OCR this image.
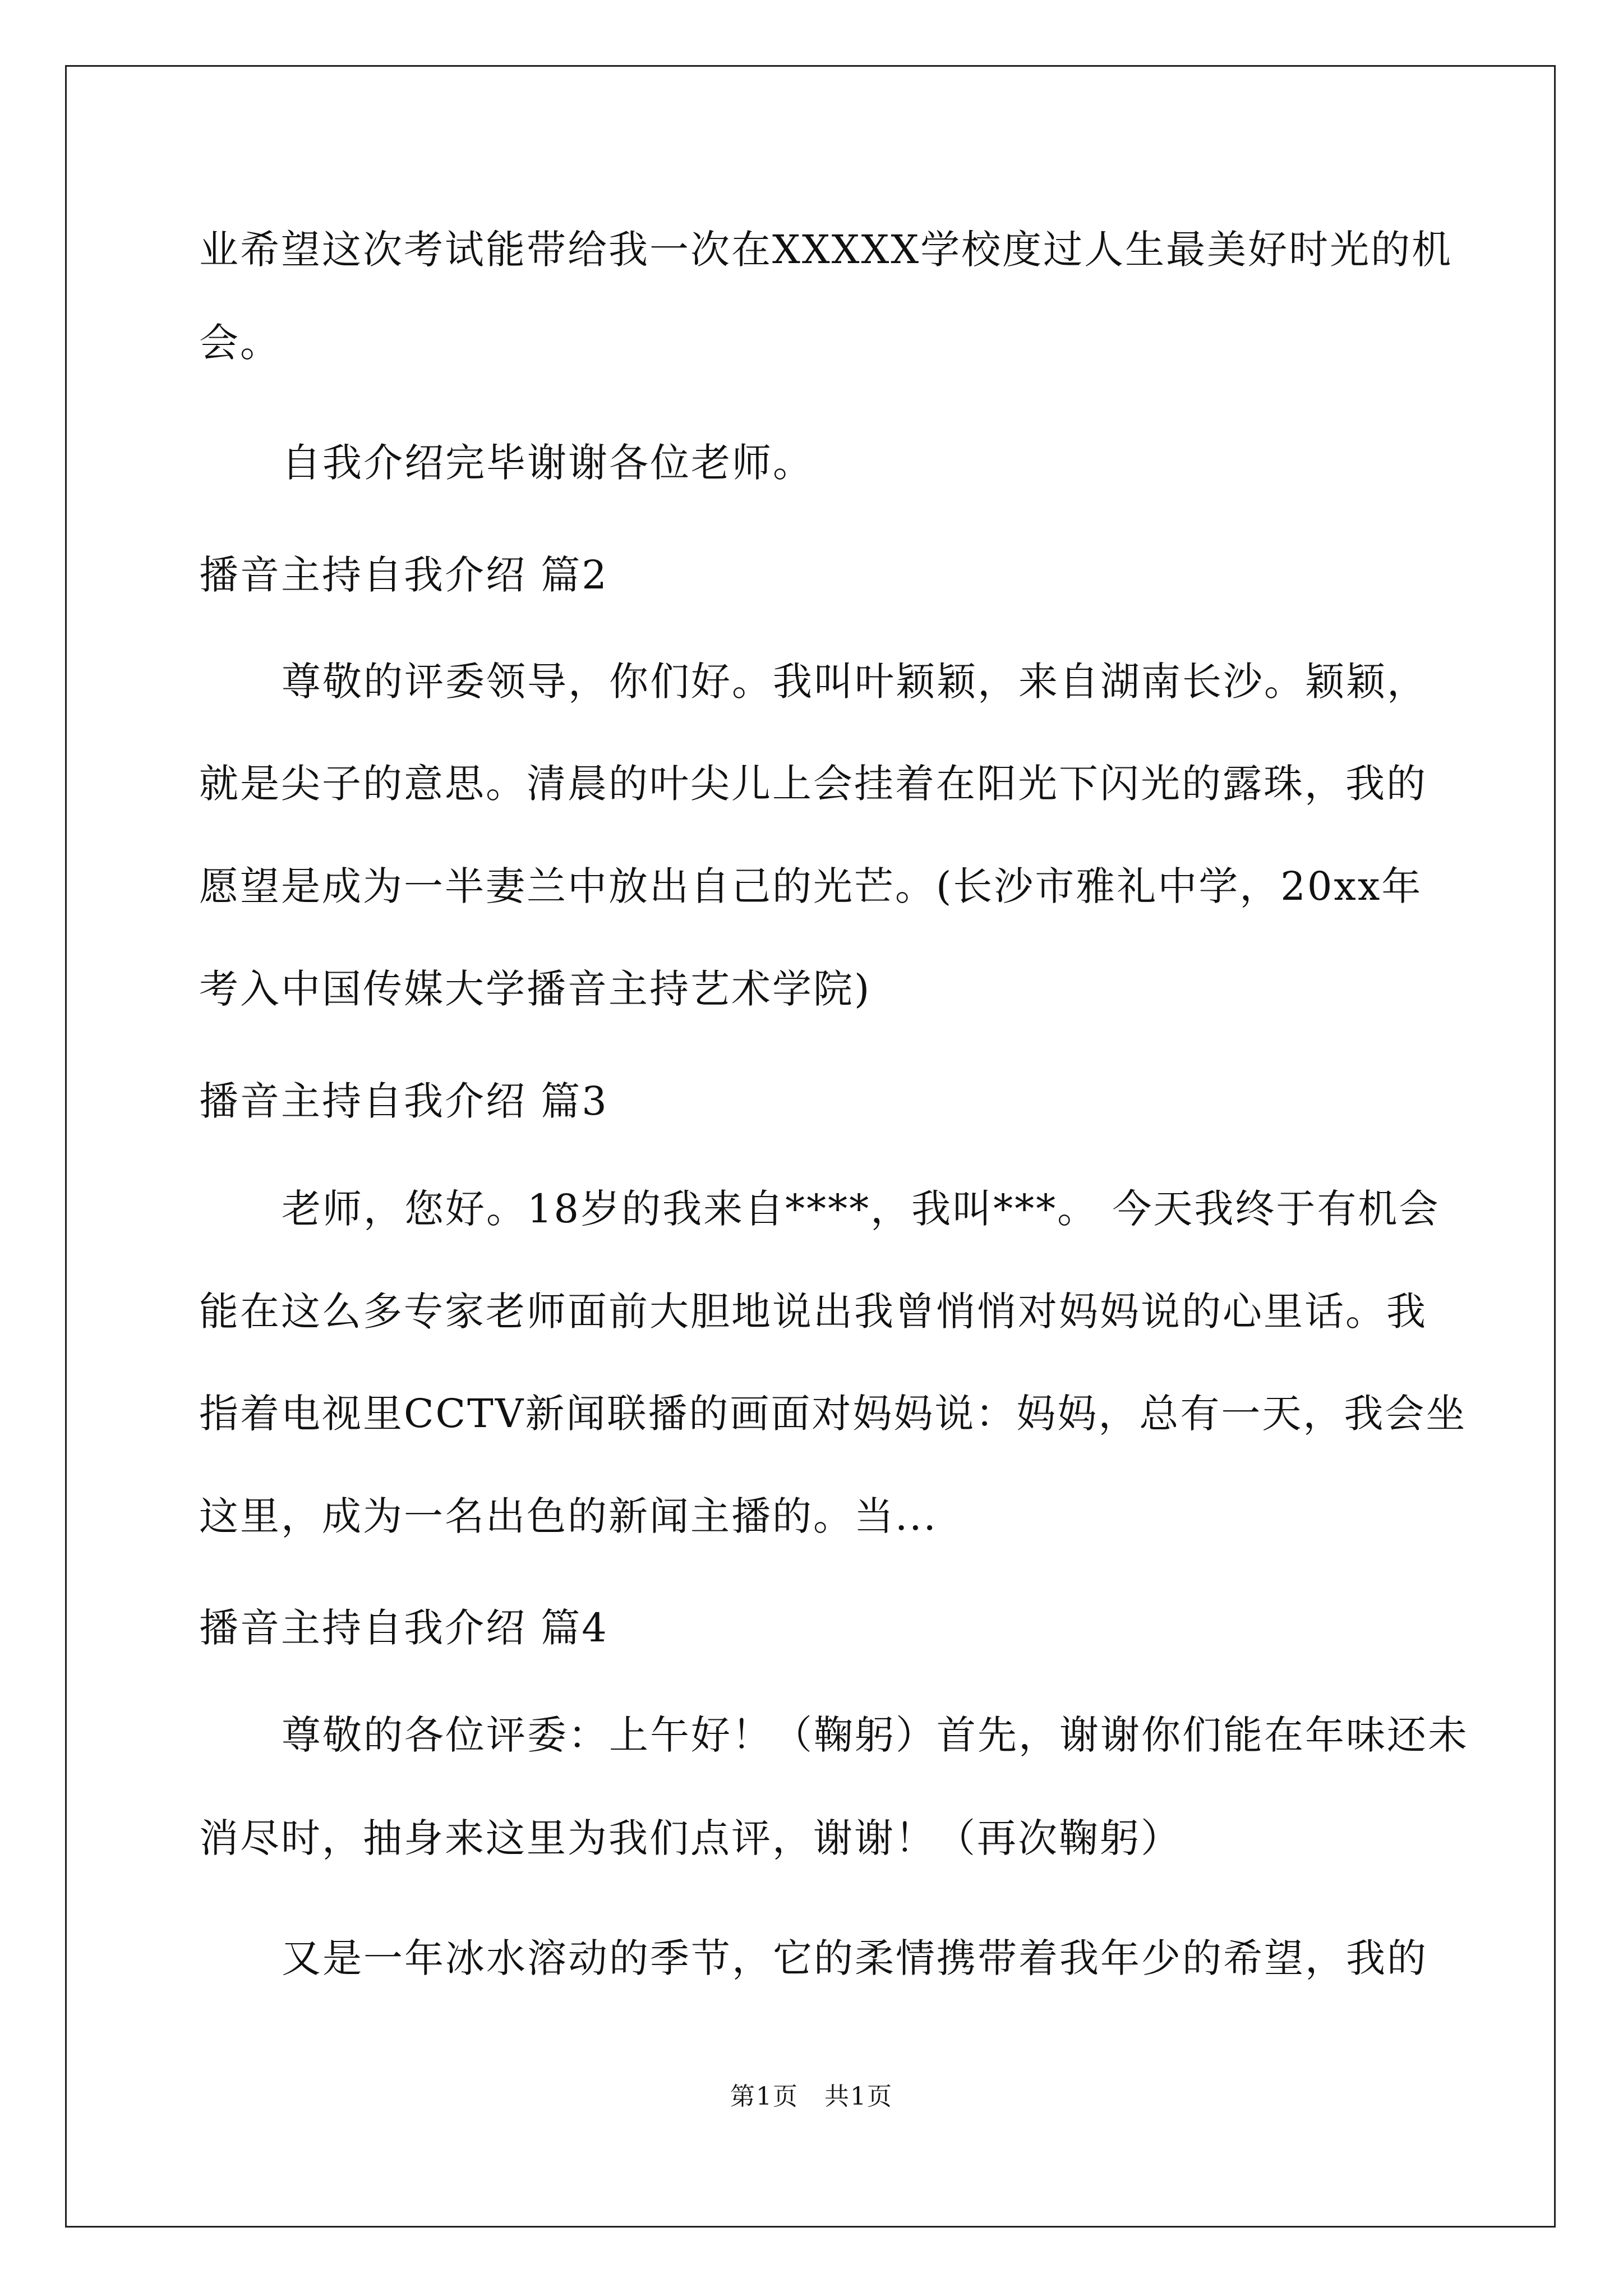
业希望这次考试能带给我一次在XXXXX学校度过人生最美好时光的机
会。
自我介绍完毕谢谢各位老师。
播音主持自我介绍 篇2
尊敬的评委领导，你们好。我叫叶颖颖，来自湖南长沙。颖颖，
就是尖子的意思。清晨的叶尖儿上会挂着在阳光下闪光的露珠，我的
愿望是成为一半妻兰中放出自己的光芒。(长沙市雅礼中学，20xx年
考入中国传媒大学播音主持艺术学院)
播音主持自我介绍 篇3
老师，您好。18岁的我来自****，我叫***。 今天我终于有机会
能在这么多专家老师面前大胆地说出我曾悄悄对妈妈说的心里话。我
指着电视里CCTV新闻联播的画面对妈妈说：妈妈，总有一天，我会坐
这里，成为一名出色的新闻主播的。当...
播音主持自我介绍 篇4
尊敬的各位评委：上午好！（鞠躬）首先，谢谢你们能在年味还未
消尽时，抽身来这里为我们点评，谢谢！（再次鞠躬）
又是一年冰水溶动的季节，它的柔情携带着我年少的希望，我的
第1页　共1页
